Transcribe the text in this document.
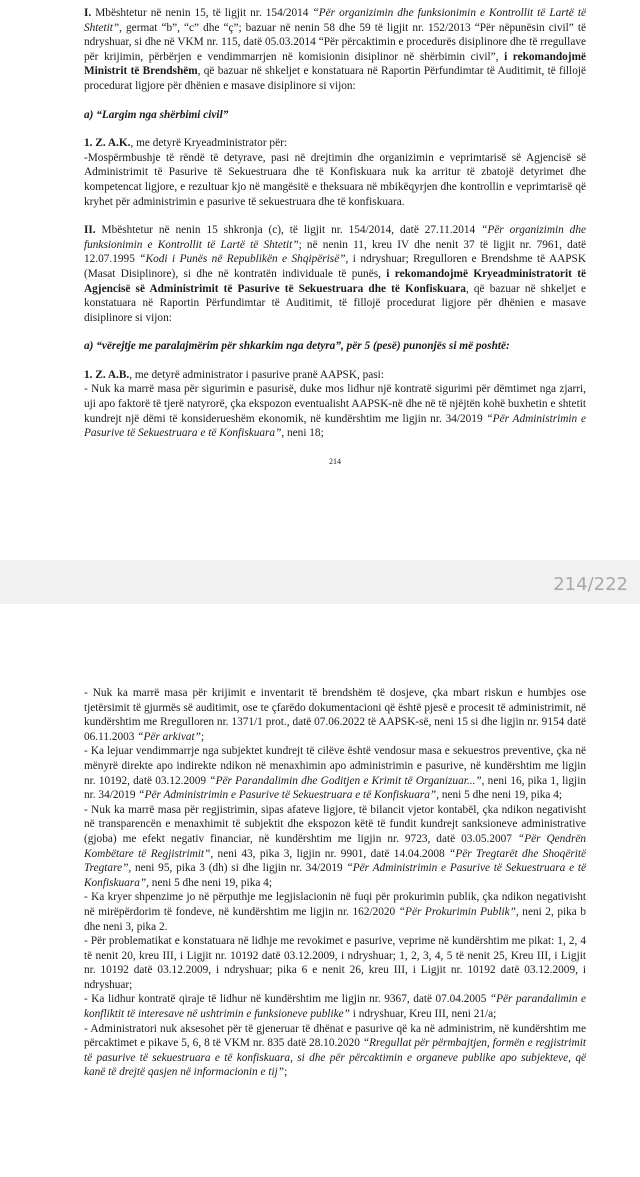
I. Mbështetur në nenin 15, të ligjit nr. 154/2014 “Për organizimin dhe funksionimin e Kontrollit të Lartë të Shtetit”, germat “b”, “c” dhe “ç”; bazuar në nenin 58 dhe 59 të ligjit nr. 152/2013 “Për nëpunësin civil” të ndryshuar, si dhe në VKM nr. 115, datë 05.03.2014 “Për përcaktimin e procedurës disiplinore dhe të rregullave për krijimin, përbërjen e vendimmarrjen në komisionin disiplinor në shërbimin civil”, i rekomandojmë Ministrit të Brendshëm, që bazuar në shkeljet e konstatuara në Raportin Përfundimtar të Auditimit, të fillojë procedurat ligjore për dhënien e masave disiplinore si vijon:

a) “Largim nga shërbimi civil”

1. Z. A.K., me detyrë Kryeadministrator për:

-Mospërmbushje të rëndë të detyrave, pasi në drejtimin dhe organizimin e veprimtarisë së Agjencisë së Administrimit të Pasurive të Sekuestruara dhe të Konfiskuara nuk ka arritur të zbatojë detyrimet dhe kompetencat ligjore, e rezultuar kjo në mangësitë e theksuara në mbikëqyrjen dhe kontrollin e veprimtarisë që kryhet për administrimin e pasurive të sekuestruara dhe të konfiskuara.

II. Mbështetur në nenin 15 shkronja (c), të ligjit nr. 154/2014, datë 27.11.2014 “Për organizimin dhe funksionimin e Kontrollit të Lartë të Shtetit”; në nenin 11, kreu IV dhe nenit 37 të ligjit nr. 7961, datë 12.07.1995 “Kodi i Punës në Republikën e Shqipërisë”, i ndryshuar; Rregulloren e Brendshme të AAPSK (Masat Disiplinore), si dhe në kontratën individuale të punës, i rekomandojmë Kryeadministratorit të Agjencisë së Administrimit të Pasurive të Sekuestruara dhe të Konfiskuara, që bazuar në shkeljet e konstatuara në Raportin Përfundimtar të Auditimit, të fillojë procedurat ligjore për dhënien e masave disiplinore si vijon:

a) “vërejtje me paralajmërim për shkarkim nga detyra”, për 5 (pesë) punonjës si më poshtë:

1. Z. A.B., me detyrë administrator i pasurive pranë AAPSK, pasi:

- Nuk ka marrë masa për sigurimin e pasurisë, duke mos lidhur një kontratë sigurimi për dëmtimet nga zjarri, uji apo faktorë të tjerë natyrorë, çka ekspozon eventualisht AAPSK-në dhe në të njëjtën kohë buxhetin e shtetit kundrejt një dëmi të konsiderueshëm ekonomik, në kundërshtim me ligjin nr. 34/2019 “Për Administrimin e Pasurive të Sekuestruara e të Konfiskuara”, neni 18;

214

214/222

- Nuk ka marrë masa për krijimit e inventarit të brendshëm të dosjeve, çka mbart riskun e humbjes ose tjetërsimit të gjurmës së auditimit, ose te çfarëdo dokumentacioni që është pjesë e procesit të administrimit, në kundërshtim me Rregulloren nr. 1371/1 prot., datë 07.06.2022 të AAPSK-së, neni 15 si dhe ligjin nr. 9154 datë 06.11.2003 “Për arkivat”;

- Ka lejuar vendimmarrje nga subjektet kundrejt të cilëve është vendosur masa e sekuestros preventive, çka në mënyrë direkte apo indirekte ndikon në menaxhimin apo administrimin e pasurive, në kundërshtim me ligjin nr. 10192, datë 03.12.2009 “Për Parandalimin dhe Goditjen e Krimit të Organizuar...”, neni 16, pika 1, ligjin nr. 34/2019 “Për Administrimin e Pasurive të Sekuestruara e të Konfiskuara”, neni 5 dhe neni 19, pika 4;

- Nuk ka marrë masa për regjistrimin, sipas afateve ligjore, të bilancit vjetor kontabël, çka ndikon negativisht në transparencën e menaxhimit të subjektit dhe ekspozon këtë të fundit kundrejt sanksioneve administrative (gjoba) me efekt negativ financiar, në kundërshtim me ligjin nr. 9723, datë 03.05.2007 “Për Qendrën Kombëtare të Regjistrimit”, neni 43, pika 3, ligjin nr. 9901, datë 14.04.2008 “Për Tregtarët dhe Shoqëritë Tregtare”, neni 95, pika 3 (dh) si dhe ligjin nr. 34/2019 “Për Administrimin e Pasurive të Sekuestruara e të Konfiskuara”, neni 5 dhe neni 19, pika 4;

- Ka kryer shpenzime jo në përputhje me legjislacionin në fuqi për prokurimin publik, çka ndikon negativisht në mirëpërdorim të fondeve, në kundërshtim me ligjin nr. 162/2020 “Për Prokurimin Publik”, neni 2, pika b dhe neni 3, pika 2.

- Për problematikat e konstatuara në lidhje me revokimet e pasurive, veprime në kundërshtim me pikat: 1, 2, 4 të nenit 20, kreu III, i Ligjit nr. 10192 datë 03.12.2009, i ndryshuar; 1, 2, 3, 4, 5 të nenit 25, Kreu III, i Ligjit nr. 10192 datë 03.12.2009, i ndryshuar; pika 6 e nenit 26, kreu III, i Ligjit nr. 10192 datë 03.12.2009, i ndryshuar;

- Ka lidhur kontratë qiraje të lidhur në kundërshtim me ligjin nr. 9367, datë 07.04.2005 “Për parandalimin e konfliktit të interesave në ushtrimin e funksioneve publike” i ndryshuar, Kreu III, neni 21/a;

- Administratori nuk aksesohet për të gjeneruar të dhënat e pasurive që ka në administrim, në kundërshtim me përcaktimet e pikave 5, 6, 8 të VKM nr. 835 datë 28.10.2020 “Rregullat për përmbajtjen, formën e regjistrimit të pasurive të sekuestruara e të konfiskuara, si dhe për përcaktimin e organeve publike apo subjekteve, që kanë të drejtë qasjen në informacionin e tij”;
